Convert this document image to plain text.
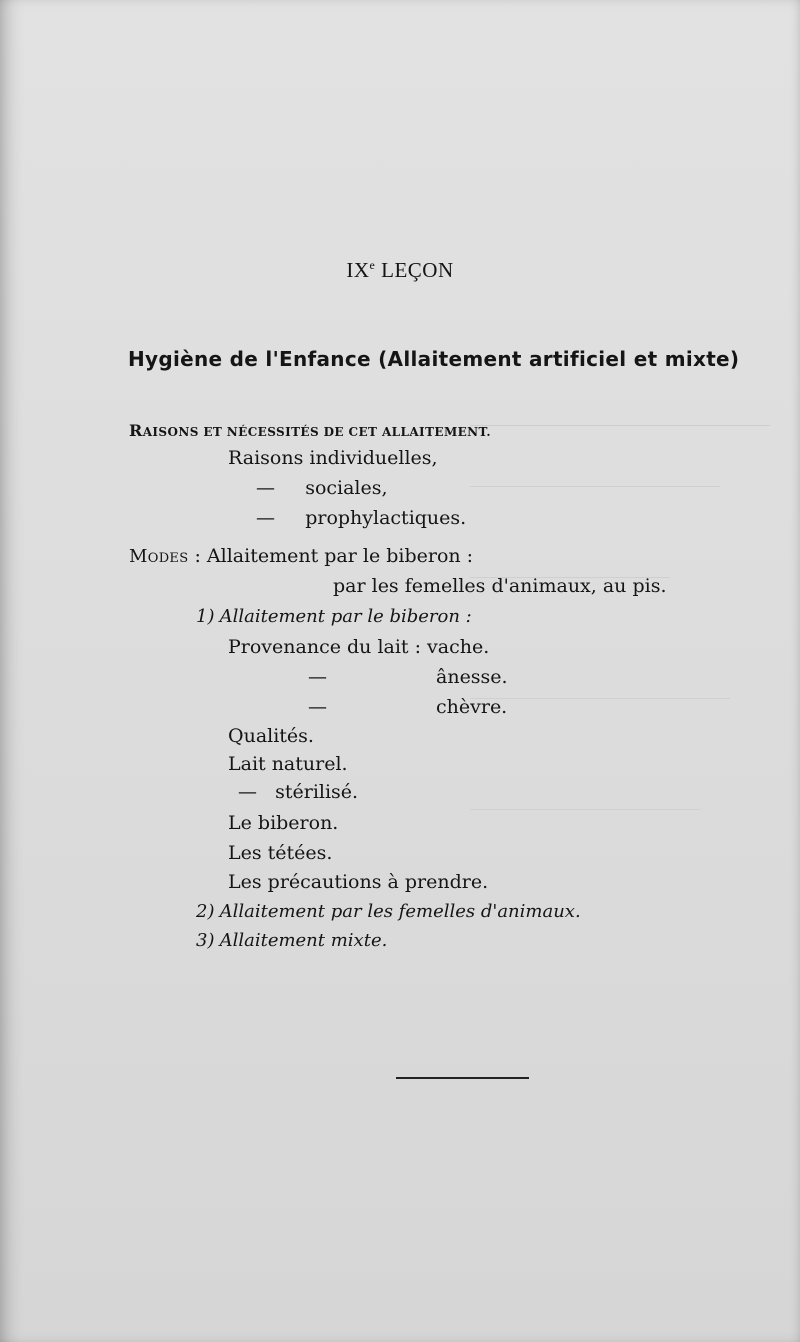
IXe LEÇON
Hygiène de l'Enfance (Allaitement artificiel et mixte)
RAISONS ET NÉCESSITÉS DE CET ALLAITEMENT.
Raisons individuelles,
—     sociales,
—     prophylactiques.
MODES : Allaitement par le biberon :
par les femelles d'animaux, au pis.
1) Allaitement par le biberon :
Provenance du lait : vache.
—	ânesse.
—	chèvre.
Qualités.
Lait naturel.
—   stérilisé.
Le biberon.
Les tétées.
Les précautions à prendre.
2) Allaitement par les femelles d'animaux.
3) Allaitement mixte.
